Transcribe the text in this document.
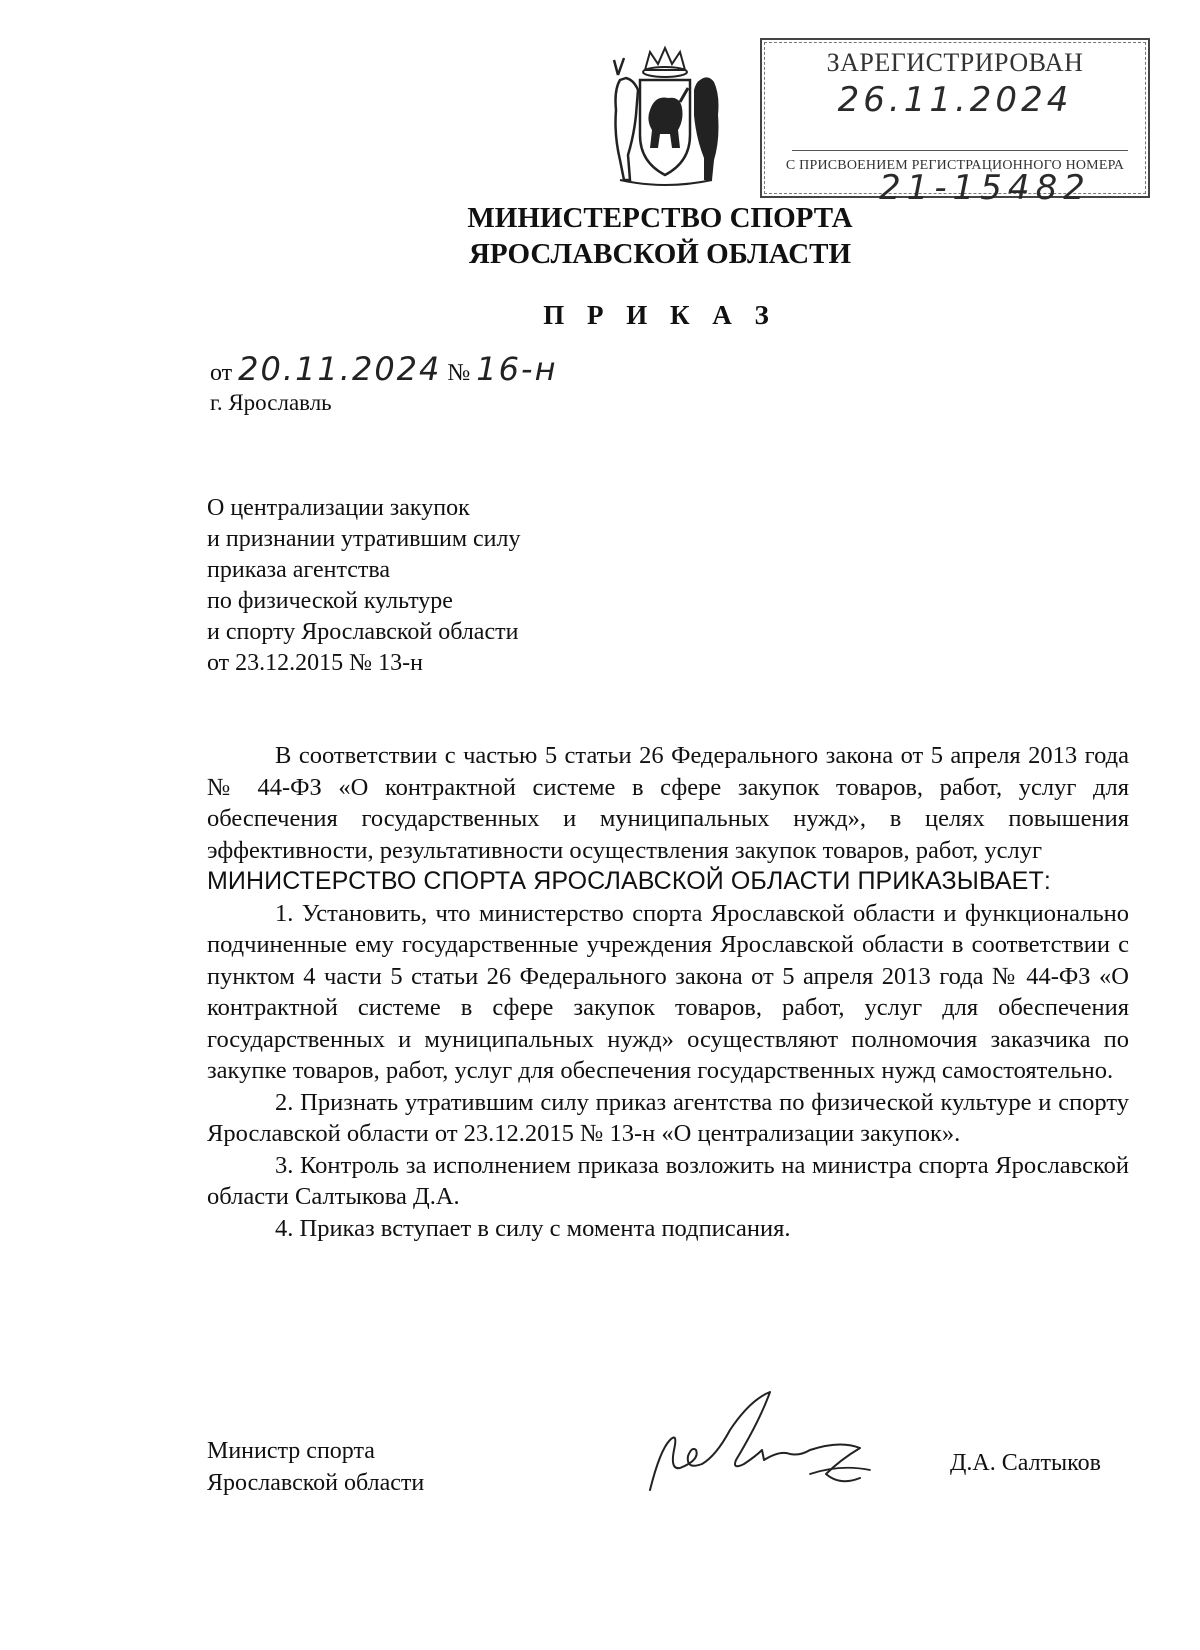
ЗАРЕГИСТРИРОВАН
26.11.2024
С ПРИСВОЕНИЕМ РЕГИСТРАЦИОННОГО НОМЕРА
21-15482
МИНИСТЕРСТВО СПОРТА
ЯРОСЛАВСКОЙ ОБЛАСТИ
П Р И К А З
от 20.11.2024 № 16-н
г. Ярославль
О централизации закупок
и признании утратившим силу
приказа агентства
по физической культуре
и спорту Ярославской области
от 23.12.2015 № 13-н

В соответствии с частью 5 статьи 26 Федерального закона от 5 апреля 2013 года № 44-ФЗ «О контрактной системе в сфере закупок товаров, работ, услуг для обеспечения государственных и муниципальных нужд», в целях повышения эффективности, результативности осуществления закупок товаров, работ, услуг

МИНИСТЕРСТВО СПОРТА ЯРОСЛАВСКОЙ ОБЛАСТИ ПРИКАЗЫВАЕТ:

1. Установить, что министерство спорта Ярославской области и функционально подчиненные ему государственные учреждения Ярославской области в соответствии с пунктом 4 части 5 статьи 26 Федерального закона от 5 апреля 2013 года № 44-ФЗ «О контрактной системе в сфере закупок товаров, работ, услуг для обеспечения государственных и муниципальных нужд» осуществляют полномочия заказчика по закупке товаров, работ, услуг для обеспечения государственных нужд самостоятельно.

2. Признать утратившим силу приказ агентства по физической культуре и спорту Ярославской области от 23.12.2015 № 13-н «О централизации закупок».

3. Контроль за исполнением приказа возложить на министра спорта Ярославской области Салтыкова Д.А.

4. Приказ вступает в силу с момента подписания.

Министр спорта
Ярославской области
Д.А. Салтыков
